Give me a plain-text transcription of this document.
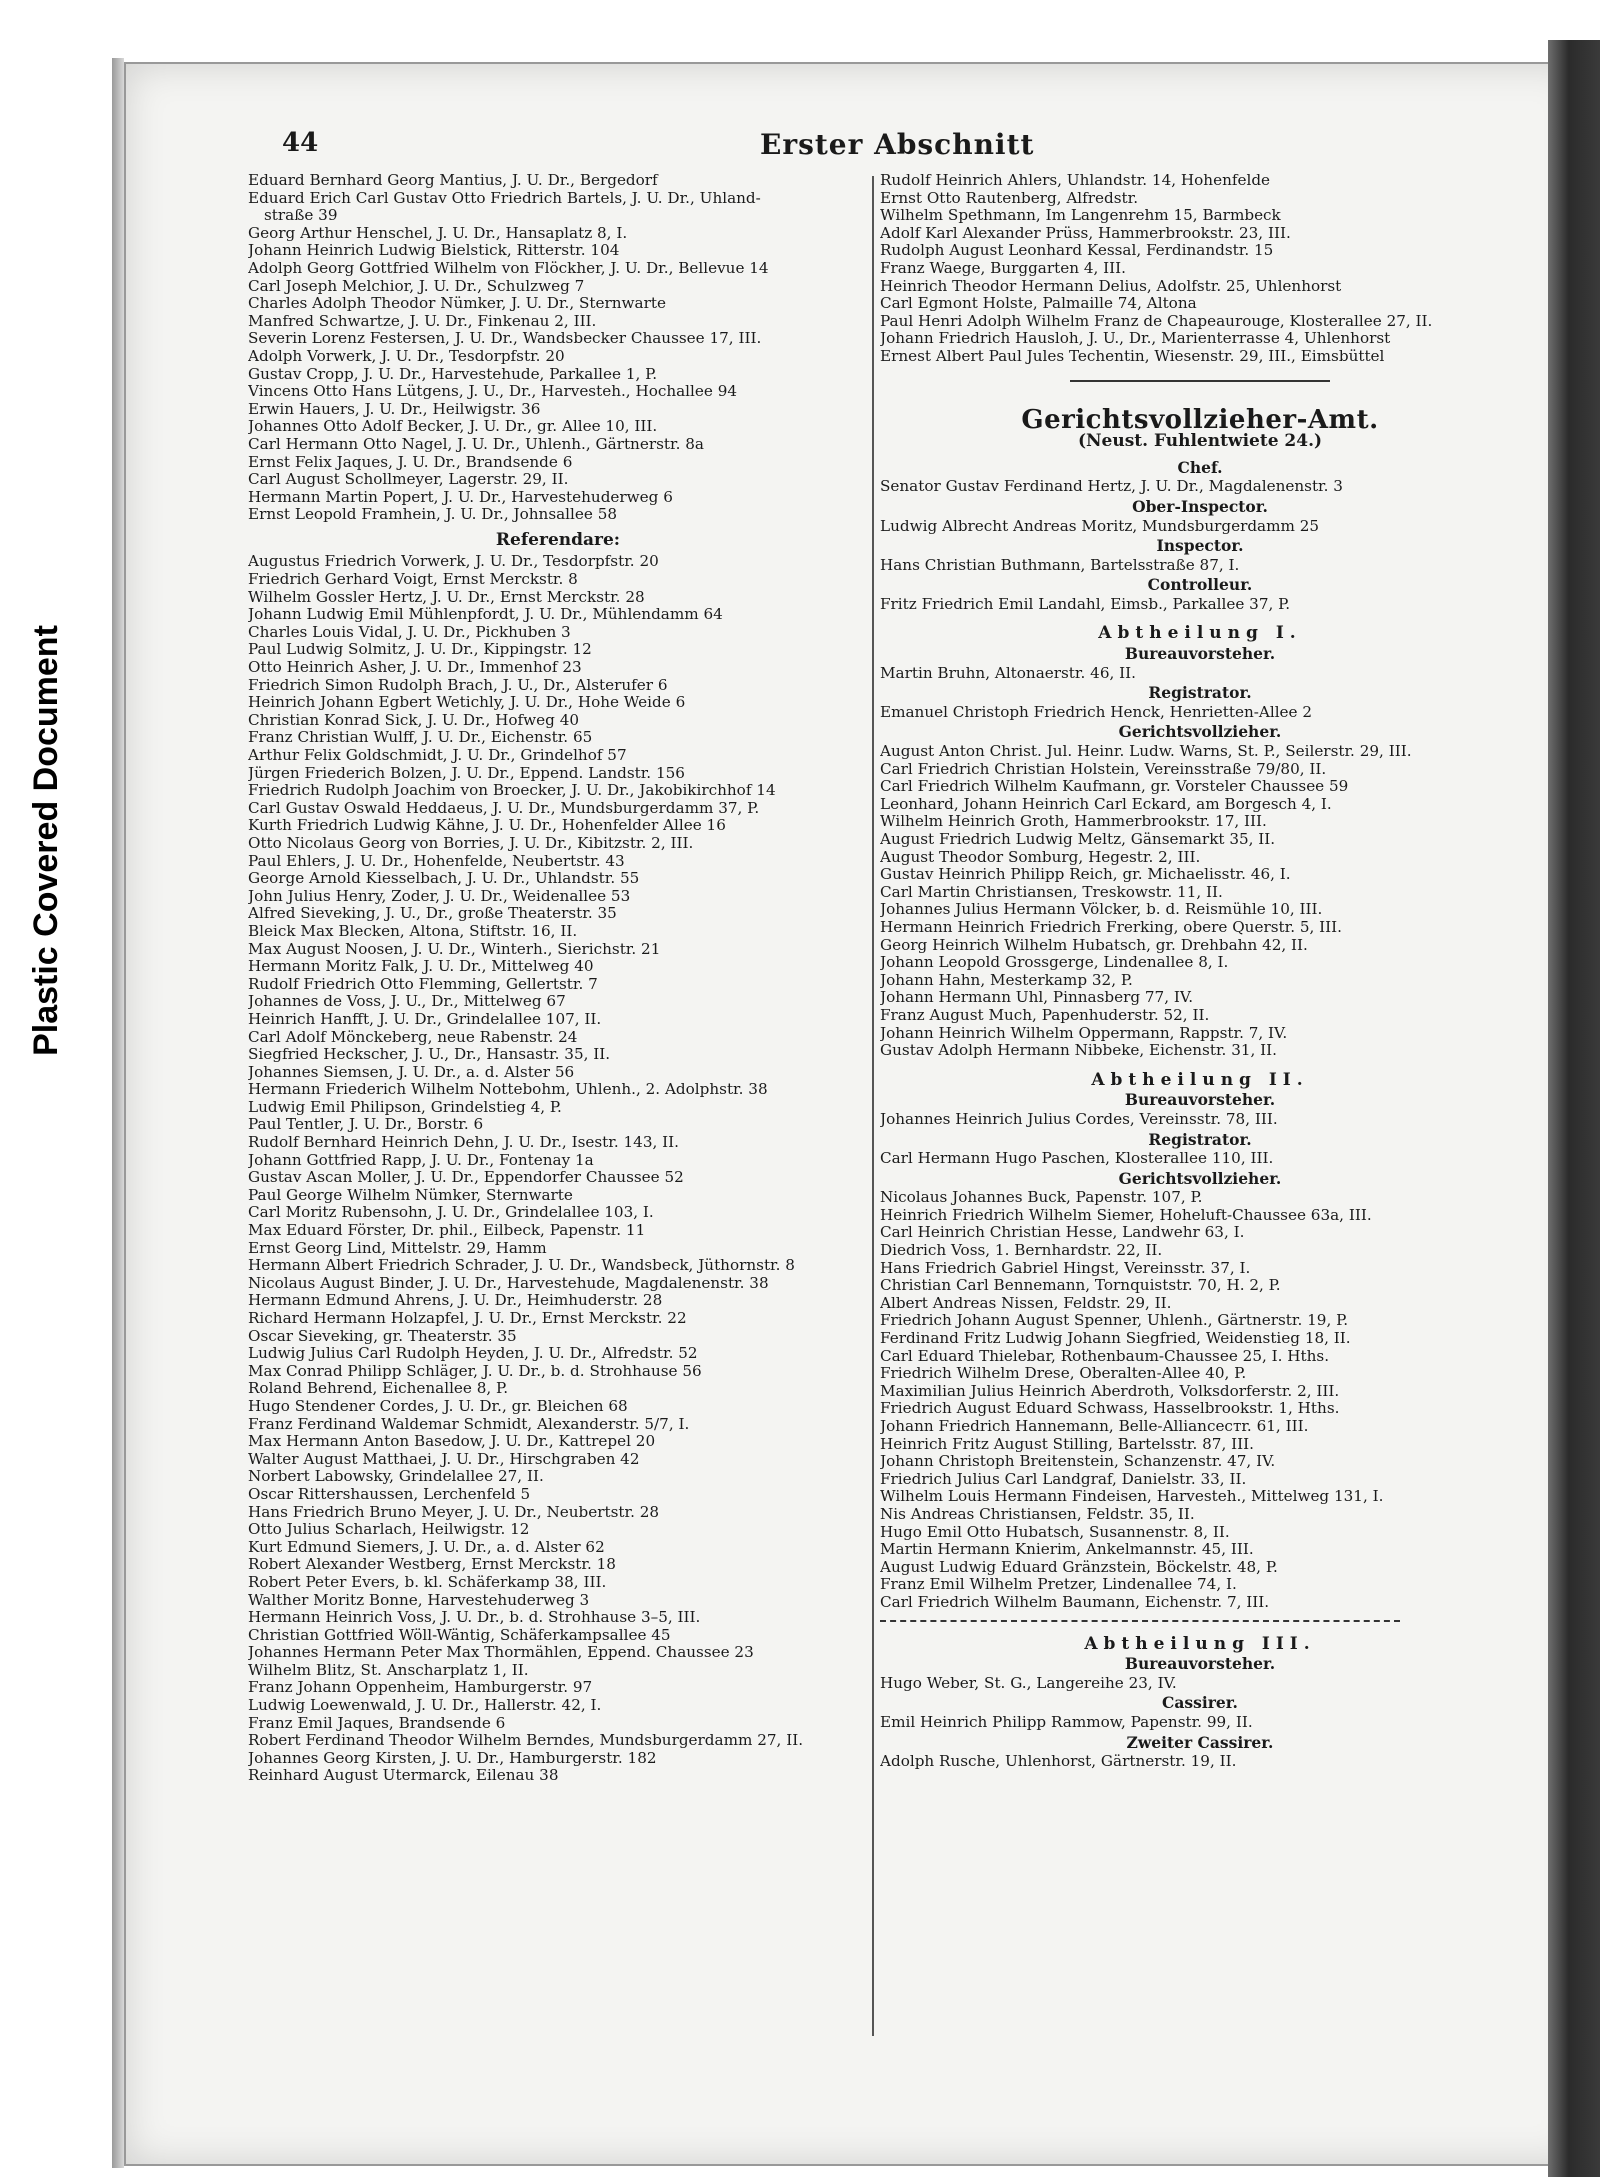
Plastic Covered Document
44	Erster Abschnitt
Eduard Bernhard Georg Mantius, J. U. Dr., Bergedorf
Eduard Erich Carl Gustav Otto Friedrich Bartels, J. U. Dr., Uhland-
straße 39
Georg Arthur Henschel, J. U. Dr., Hansaplatz 8, I.
Johann Heinrich Ludwig Bielstick, Ritterstr. 104
Adolph Georg Gottfried Wilhelm von Flöckher, J. U. Dr., Bellevue 14
Carl Joseph Melchior, J. U. Dr., Schulzweg 7
Charles Adolph Theodor Nümker, J. U. Dr., Sternwarte
Manfred Schwartze, J. U. Dr., Finkenau 2, III.
Severin Lorenz Festersen, J. U. Dr., Wandsbecker Chaussee 17, III.
Adolph Vorwerk, J. U. Dr., Tesdorpfstr. 20
Gustav Cropp, J. U. Dr., Harvestehude, Parkallee 1, P.
Vincens Otto Hans Lütgens, J. U., Dr., Harvesteh., Hochallee 94
Erwin Hauers, J. U. Dr., Heilwigstr. 36
Johannes Otto Adolf Becker, J. U. Dr., gr. Allee 10, III.
Carl Hermann Otto Nagel, J. U. Dr., Uhlenh., Gärtnerstr. 8a
Ernst Felix Jaques, J. U. Dr., Brandsende 6
Carl August Schollmeyer, Lagerstr. 29, II.
Hermann Martin Popert, J. U. Dr., Harvestehuderweg 6
Ernst Leopold Framhein, J. U. Dr., Johnsallee 58
Referendare:
Augustus Friedrich Vorwerk, J. U. Dr., Tesdorpfstr. 20
Friedrich Gerhard Voigt, Ernst Merckstr. 8
Wilhelm Gossler Hertz, J. U. Dr., Ernst Merckstr. 28
Johann Ludwig Emil Mühlenpfordt, J. U. Dr., Mühlendamm 64
Charles Louis Vidal, J. U. Dr., Pickhuben 3
Paul Ludwig Solmitz, J. U. Dr., Kippingstr. 12
Otto Heinrich Asher, J. U. Dr., Immenhof 23
Friedrich Simon Rudolph Brach, J. U., Dr., Alsterufer 6
Heinrich Johann Egbert Wetichly, J. U. Dr., Hohe Weide 6
Christian Konrad Sick, J. U. Dr., Hofweg 40
Franz Christian Wulff, J. U. Dr., Eichenstr. 65
Arthur Felix Goldschmidt, J. U. Dr., Grindelhof 57
Jürgen Friederich Bolzen, J. U. Dr., Eppend. Landstr. 156
Friedrich Rudolph Joachim von Broecker, J. U. Dr., Jakobikirchhof 14
Carl Gustav Oswald Heddaeus, J. U. Dr., Mundsburgerdamm 37, P.
Kurth Friedrich Ludwig Kähne, J. U. Dr., Hohenfelder Allee 16
Otto Nicolaus Georg von Borries, J. U. Dr., Kibitzstr. 2, III.
Paul Ehlers, J. U. Dr., Hohenfelde, Neubertstr. 43
George Arnold Kiesselbach, J. U. Dr., Uhlandstr. 55
John Julius Henry, Zoder, J. U. Dr., Weidenallee 53
Alfred Sieveking, J. U., Dr., große Theaterstr. 35
Bleick Max Blecken, Altona, Stiftstr. 16, II.
Max August Noosen, J. U. Dr., Winterh., Sierichstr. 21
Hermann Moritz Falk, J. U. Dr., Mittelweg 40
Rudolf Friedrich Otto Flemming, Gellertstr. 7
Johannes de Voss, J. U., Dr., Mittelweg 67
Heinrich Hanfft, J. U. Dr., Grindelallee 107, II.
Carl Adolf Mönckeberg, neue Rabenstr. 24
Siegfried Heckscher, J. U., Dr., Hansastr. 35, II.
Johannes Siemsen, J. U. Dr., a. d. Alster 56
Hermann Friederich Wilhelm Nottebohm, Uhlenh., 2. Adolphstr. 38
Ludwig Emil Philipson, Grindelstieg 4, P.
Paul Tentler, J. U. Dr., Borstr. 6
Rudolf Bernhard Heinrich Dehn, J. U. Dr., Isestr. 143, II.
Johann Gottfried Rapp, J. U. Dr., Fontenay 1a
Gustav Ascan Moller, J. U. Dr., Eppendorfer Chaussee 52
Paul George Wilhelm Nümker, Sternwarte
Carl Moritz Rubensohn, J. U. Dr., Grindelallee 103, I.
Max Eduard Förster, Dr. phil., Eilbeck, Papenstr. 11
Ernst Georg Lind, Mittelstr. 29, Hamm
Hermann Albert Friedrich Schrader, J. U. Dr., Wandsbeck, Jüthornstr. 8
Nicolaus August Binder, J. U. Dr., Harvestehude, Magdalenenstr. 38
Hermann Edmund Ahrens, J. U. Dr., Heimhuderstr. 28
Richard Hermann Holzapfel, J. U. Dr., Ernst Merckstr. 22
Oscar Sieveking, gr. Theaterstr. 35
Ludwig Julius Carl Rudolph Heyden, J. U. Dr., Alfredstr. 52
Max Conrad Philipp Schläger, J. U. Dr., b. d. Strohhause 56
Roland Behrend, Eichenallee 8, P.
Hugo Stendener Cordes, J. U. Dr., gr. Bleichen 68
Franz Ferdinand Waldemar Schmidt, Alexanderstr. 5/7, I.
Max Hermann Anton Basedow, J. U. Dr., Kattrepel 20
Walter August Matthaei, J. U. Dr., Hirschgraben 42
Norbert Labowsky, Grindelallee 27, II.
Oscar Rittershaussen, Lerchenfeld 5
Hans Friedrich Bruno Meyer, J. U. Dr., Neubertstr. 28
Otto Julius Scharlach, Heilwigstr. 12
Kurt Edmund Siemers, J. U. Dr., a. d. Alster 62
Robert Alexander Westberg, Ernst Merckstr. 18
Robert Peter Evers, b. kl. Schäferkamp 38, III.
Walther Moritz Bonne, Harvestehuderweg 3
Hermann Heinrich Voss, J. U. Dr., b. d. Strohhause 3–5, III.
Christian Gottfried Wöll-Wäntig, Schäferkampsallee 45
Johannes Hermann Peter Max Thormählen, Eppend. Chaussee 23
Wilhelm Blitz, St. Anscharplatz 1, II.
Franz Johann Oppenheim, Hamburgerstr. 97
Ludwig Loewenwald, J. U. Dr., Hallerstr. 42, I.
Franz Emil Jaques, Brandsende 6
Robert Ferdinand Theodor Wilhelm Berndes, Mundsburgerdamm 27, II.
Johannes Georg Kirsten, J. U. Dr., Hamburgerstr. 182
Reinhard August Utermarck, Eilenau 38
Rudolf Heinrich Ahlers, Uhlandstr. 14, Hohenfelde
Ernst Otto Rautenberg, Alfredstr.
Wilhelm Spethmann, Im Langenrehm 15, Barmbeck
Adolf Karl Alexander Prüss, Hammerbrookstr. 23, III.
Rudolph August Leonhard Kessal, Ferdinandstr. 15
Franz Waege, Burggarten 4, III.
Heinrich Theodor Hermann Delius, Adolfstr. 25, Uhlenhorst
Carl Egmont Holste, Palmaille 74, Altona
Paul Henri Adolph Wilhelm Franz de Chapeaurouge, Klosterallee 27, II.
Johann Friedrich Hausloh, J. U., Dr., Marienterrasse 4, Uhlenhorst
Ernest Albert Paul Jules Techentin, Wiesenstr. 29, III., Eimsbüttel
Gerichtsvollzieher-Amt.
(Neust. Fuhlentwiete 24.)
Chef.
Senator Gustav Ferdinand Hertz, J. U. Dr., Magdalenenstr. 3
Ober-Inspector.
Ludwig Albrecht Andreas Moritz, Mundsburgerdamm 25
Inspector.
Hans Christian Buthmann, Bartelsstraße 87, I.
Controlleur.
Fritz Friedrich Emil Landahl, Eimsb., Parkallee 37, P.
Abtheilung I.
Bureauvorsteher.
Martin Bruhn, Altonaerstr. 46, II.
Registrator.
Emanuel Christoph Friedrich Henck, Henrietten-Allee 2
Gerichtsvollzieher.
August Anton Christ. Jul. Heinr. Ludw. Warns, St. P., Seilerstr. 29, III.
Carl Friedrich Christian Holstein, Vereinsstraße 79/80, II.
Carl Friedrich Wilhelm Kaufmann, gr. Vorsteler Chaussee 59
Leonhard, Johann Heinrich Carl Eckard, am Borgesch 4, I.
Wilhelm Heinrich Groth, Hammerbrookstr. 17, III.
August Friedrich Ludwig Meltz, Gänsemarkt 35, II.
August Theodor Somburg, Hegestr. 2, III.
Gustav Heinrich Philipp Reich, gr. Michaelisstr. 46, I.
Carl Martin Christiansen, Treskowstr. 11, II.
Johannes Julius Hermann Völcker, b. d. Reismühle 10, III.
Hermann Heinrich Friedrich Frerking, obere Querstr. 5, III.
Georg Heinrich Wilhelm Hubatsch, gr. Drehbahn 42, II.
Johann Leopold Grossgerge, Lindenallee 8, I.
Johann Hahn, Mesterkamp 32, P.
Johann Hermann Uhl, Pinnasberg 77, IV.
Franz August Much, Papenhuderstr. 52, II.
Johann Heinrich Wilhelm Oppermann, Rappstr. 7, IV.
Gustav Adolph Hermann Nibbeke, Eichenstr. 31, II.
Abtheilung II.
Bureauvorsteher.
Johannes Heinrich Julius Cordes, Vereinsstr. 78, III.
Registrator.
Carl Hermann Hugo Paschen, Klosterallee 110, III.
Gerichtsvollzieher.
Nicolaus Johannes Buck, Papenstr. 107, P.
Heinrich Friedrich Wilhelm Siemer, Hoheluft-Chaussee 63a, III.
Carl Heinrich Christian Hesse, Landwehr 63, I.
Diedrich Voss, 1. Bernhardstr. 22, II.
Hans Friedrich Gabriel Hingst, Vereinsstr. 37, I.
Christian Carl Bennemann, Tornquiststr. 70, H. 2, P.
Albert Andreas Nissen, Feldstr. 29, II.
Friedrich Johann August Spenner, Uhlenh., Gärtnerstr. 19, P.
Ferdinand Fritz Ludwig Johann Siegfried, Weidenstieg 18, II.
Carl Eduard Thielebar, Rothenbaum-Chaussee 25, I. Hths.
Friedrich Wilhelm Drese, Oberalten-Allee 40, P.
Maximilian Julius Heinrich Aberdroth, Volksdorferstr. 2, III.
Friedrich August Eduard Schwass, Hasselbrookstr. 1, Hths.
Johann Friedrich Hannemann, Belle-Allianceстr. 61, III.
Heinrich Fritz August Stilling, Bartelsstr. 87, III.
Johann Christoph Breitenstein, Schanzenstr. 47, IV.
Friedrich Julius Carl Landgraf, Danielstr. 33, II.
Wilhelm Louis Hermann Findeisen, Harvesteh., Mittelweg 131, I.
Nis Andreas Christiansen, Feldstr. 35, II.
Hugo Emil Otto Hubatsch, Susannenstr. 8, II.
Martin Hermann Knierim, Ankelmannstr. 45, III.
August Ludwig Eduard Gränzstein, Böckelstr. 48, P.
Franz Emil Wilhelm Pretzer, Lindenallee 74, I.
Carl Friedrich Wilhelm Baumann, Eichenstr. 7, III.
Abtheilung III.
Bureauvorsteher.
Hugo Weber, St. G., Langereihe 23, IV.
Cassirer.
Emil Heinrich Philipp Rammow, Papenstr. 99, II.
Zweiter Cassirer.
Adolph Rusche, Uhlenhorst, Gärtnerstr. 19, II.
